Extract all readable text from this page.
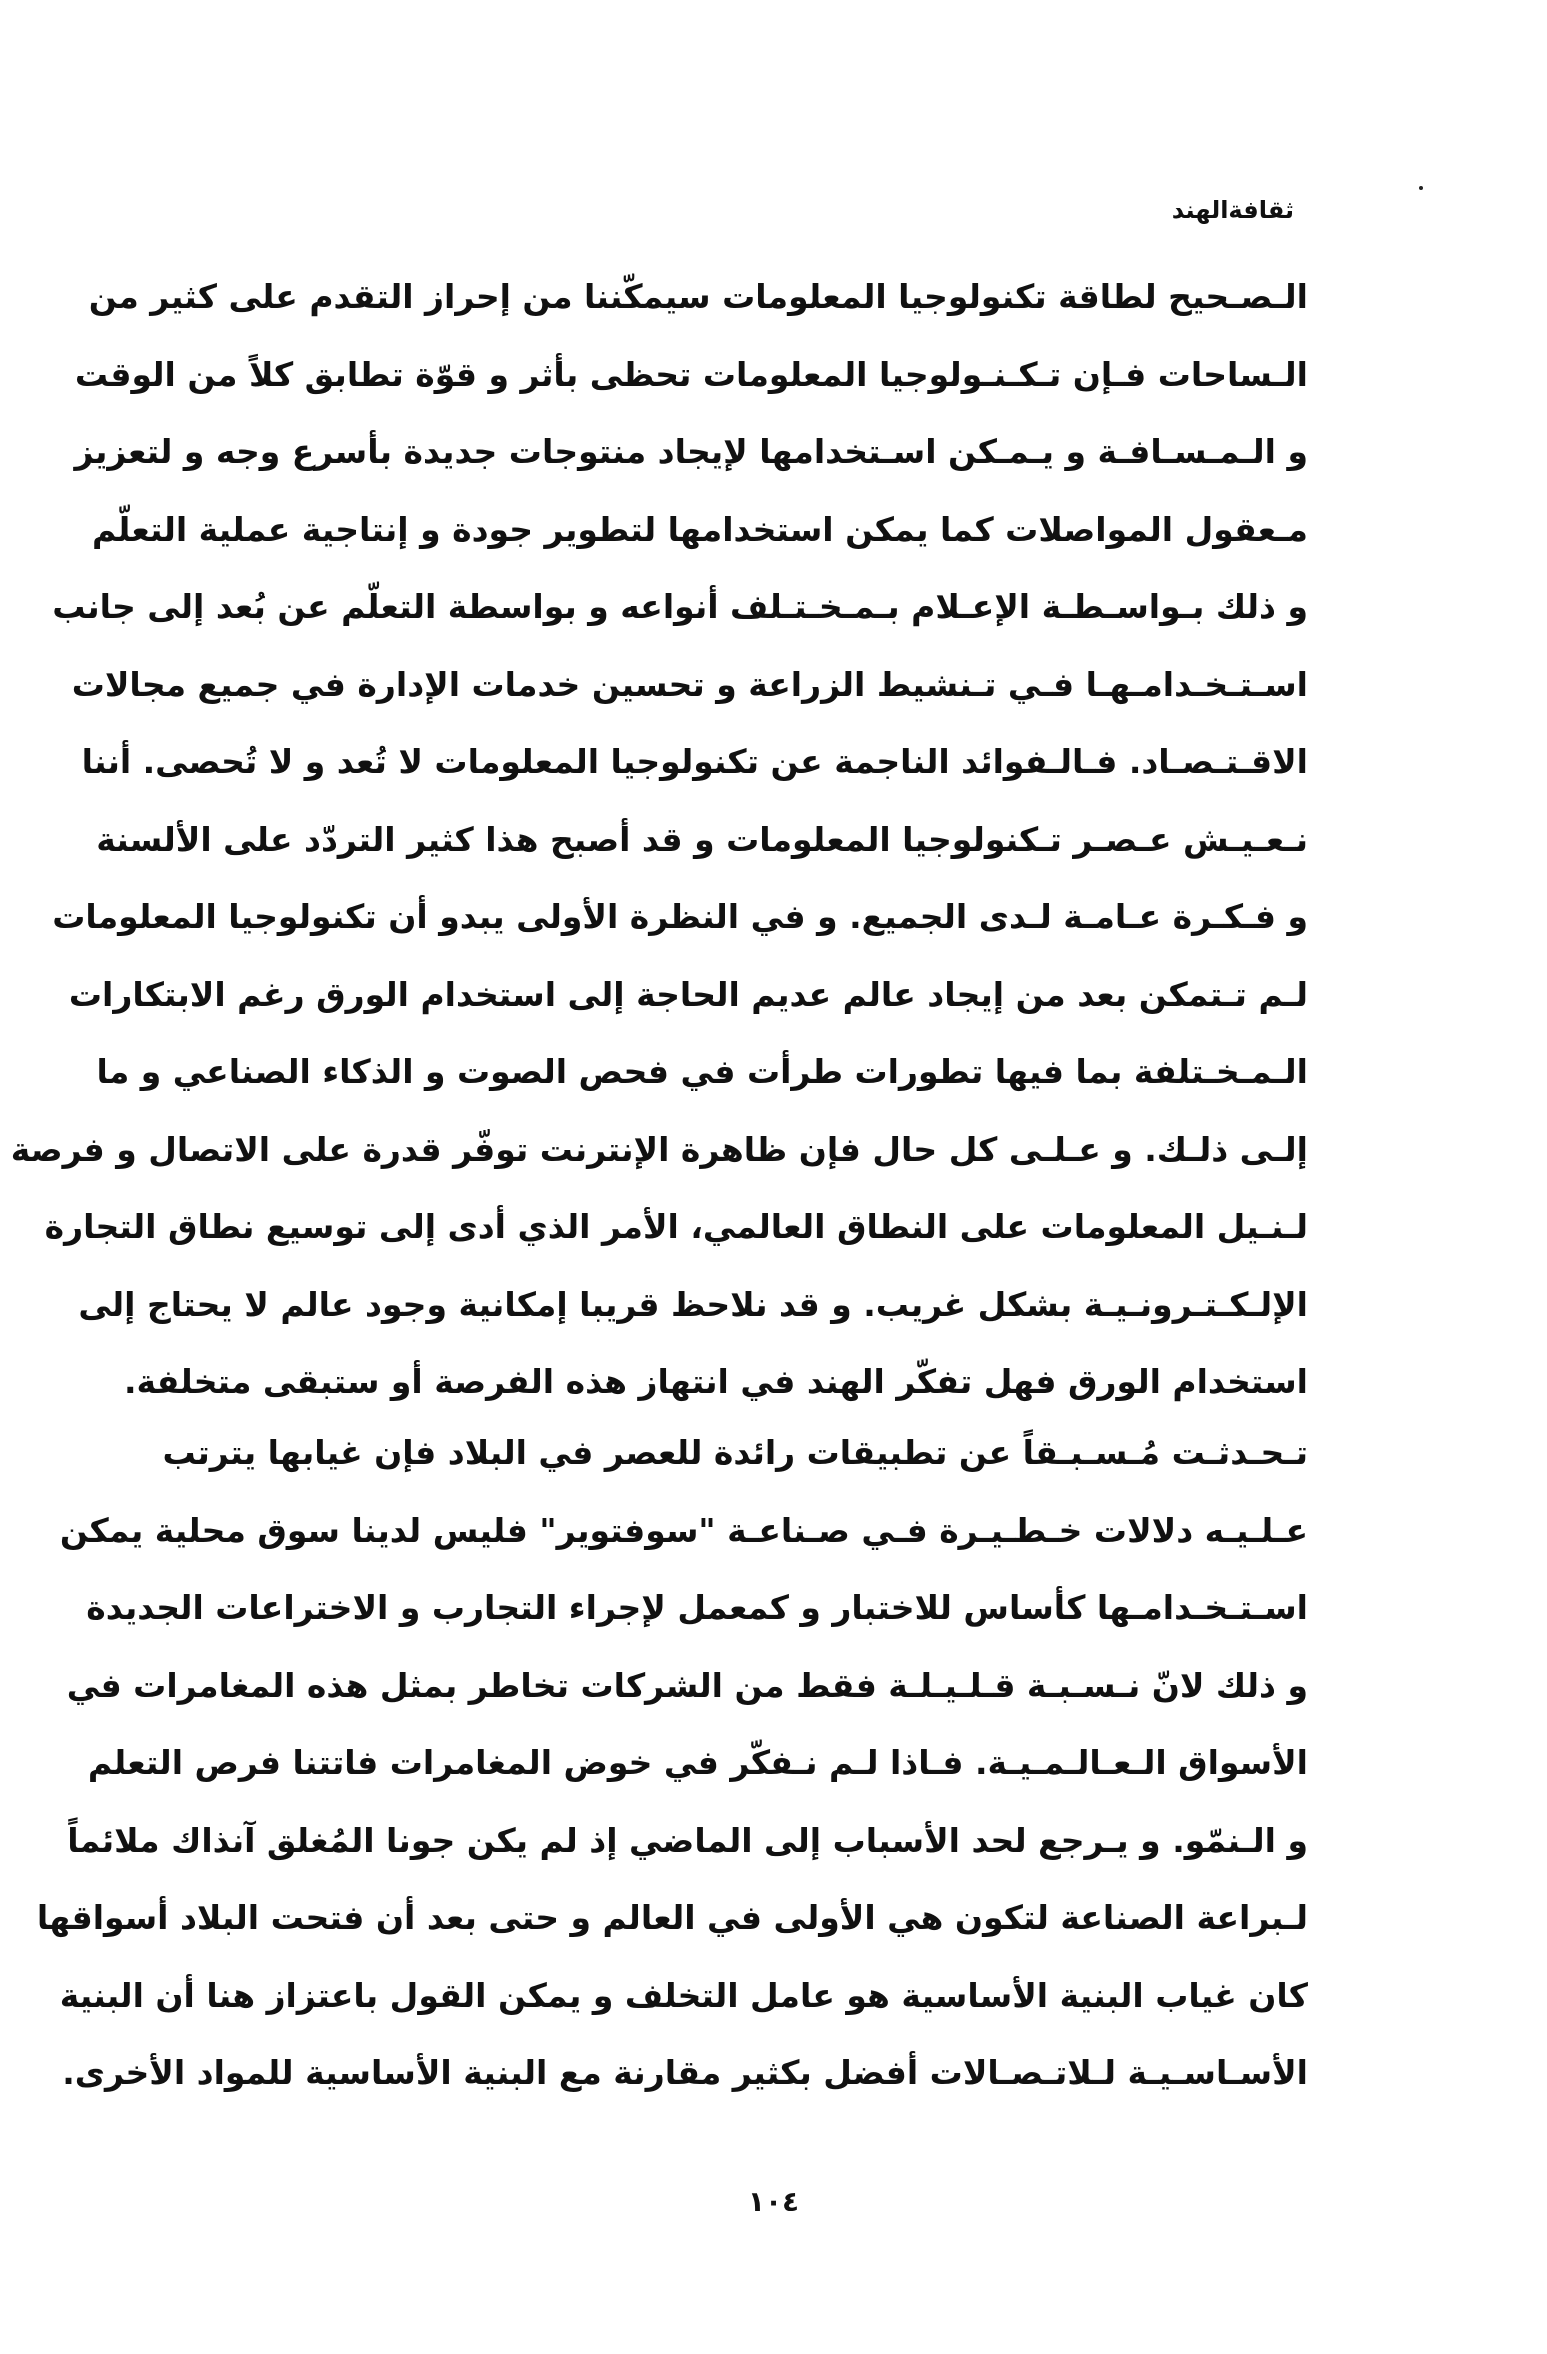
ثقافةالهند
الـصـحيح لطاقة تكنولوجيا المعلومات سيمكّننا من إحراز التقدم على كثير من
الـساحات فـإن تـكـنـولوجيا المعلومات تحظى بأثر و قوّة تطابق كلاً من الوقت
و الـمـسـافـة و يـمـكن اسـتخدامها لإيجاد منتوجات جديدة بأسرع وجه و لتعزيز
مـعقول المواصلات كما يمكن استخدامها لتطوير جودة و إنتاجية عملية التعلّم
و ذلك بـواسـطـة الإعـلام بـمـخـتـلف أنواعه و بواسطة التعلّم عن بُعد إلى جانب
اسـتـخـدامـهـا فـي تـنشيط الزراعة و تحسين خدمات الإدارة في جميع مجالات
الاقـتـصـاد. فـالـفوائد الناجمة عن تكنولوجيا المعلومات لا تُعد و لا تُحصى. أننا
نـعـيـش عـصـر تـكنولوجيا المعلومات و قد أصبح هذا كثير التردّد على الألسنة
و فـكـرة عـامـة لـدى الجميع. و في النظرة الأولى يبدو أن تكنولوجيا المعلومات
لـم تـتمكن بعد من إيجاد عالم عديم الحاجة إلى استخدام الورق رغم الابتكارات
الـمـخـتلفة بما فيها تطورات طرأت في فحص الصوت و الذكاء الصناعي و ما
إلـى ذلـك. و عـلـى كل حال فإن ظاهرة الإنترنت توفّر قدرة على الاتصال و فرصة
لـنـيل المعلومات على النطاق العالمي، الأمر الذي أدى إلى توسيع نطاق التجارة
الإلـكـتـرونـيـة بشكل غريب. و قد نلاحظ قريبا إمكانية وجود عالم لا يحتاج إلى
استخدام الورق فهل تفكّر الهند في انتهاز هذه الفرصة أو ستبقى متخلفة.
تـحـدثـت مُـسـبـقاً عن تطبيقات رائدة للعصر في البلاد فإن غيابها يترتب
عـلـيـه دلالات خـطـيـرة فـي صـناعـة "سوفتوير" فليس لدينا سوق محلية يمكن
اسـتـخـدامـها كأساس للاختبار و كمعمل لإجراء التجارب و الاختراعات الجديدة
و ذلك لانّ نـسـبـة قـلـيـلـة فقط من الشركات تخاطر بمثل هذه المغامرات في
الأسواق الـعـالـمـيـة. فـاذا لـم نـفكّر في خوض المغامرات فاتتنا فرص التعلم
و الـنمّو. و يـرجع لحد الأسباب إلى الماضي إذ لم يكن جونا المُغلق آنذاك ملائماً
لـبراعة الصناعة لتكون هي الأولى في العالم و حتى بعد أن فتحت البلاد أسواقها
كان غياب البنية الأساسية هو عامل التخلف و يمكن القول باعتزاز هنا أن البنية
الأسـاسـيـة لـلاتـصـالات أفضل بكثير مقارنة مع البنية الأساسية للمواد الأخرى.
١٠٤
